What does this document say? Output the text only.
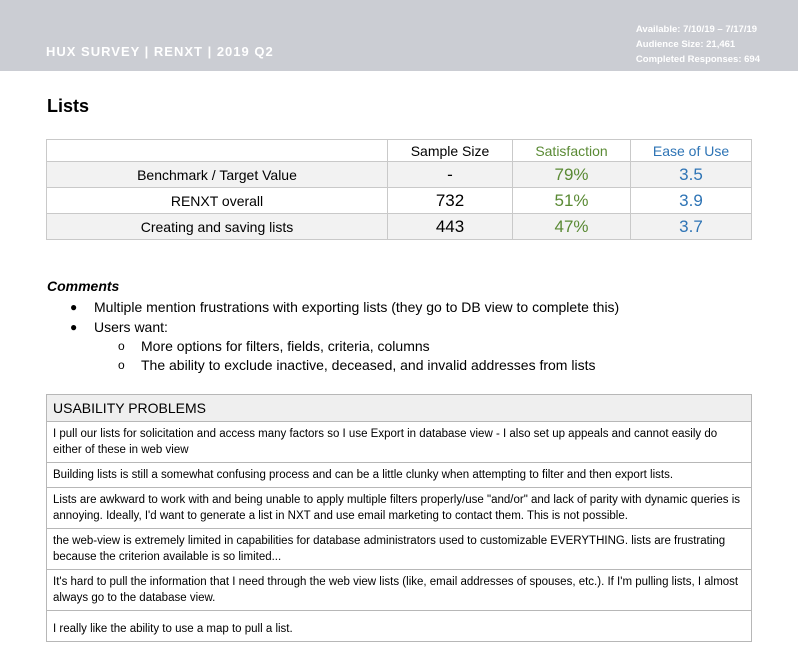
HUX SURVEY | RENXT | 2019 Q2
Available: 7/10/19 – 7/17/19
Audience Size: 21,461
Completed Responses: 694
Lists
	Sample Size	Satisfaction	Ease of Use
Benchmark / Target Value	-	79%	3.5
RENXT overall	732	51%	3.9
Creating and saving lists	443	47%	3.7
Comments
● Multiple mention frustrations with exporting lists (they go to DB view to complete this)
● Users want:
o More options for filters, fields, criteria, columns
o The ability to exclude inactive, deceased, and invalid addresses from lists
USABILITY PROBLEMS
I pull our lists for solicitation and access many factors so I use Export in database view - I also set up appeals and cannot easily do either of these in web view
Building lists is still a somewhat confusing process and can be a little clunky when attempting to filter and then export lists.
Lists are awkward to work with and being unable to apply multiple filters properly/use "and/or" and lack of parity with dynamic queries is annoying. Ideally, I'd want to generate a list in NXT and use email marketing to contact them. This is not possible.
the web-view is extremely limited in capabilities for database administrators used to customizable EVERYTHING. lists are frustrating because the criterion available is so limited...
It's hard to pull the information that I need through the web view lists (like, email addresses of spouses, etc.). If I'm pulling lists, I almost always go to the database view.
I really like the ability to use a map to pull a list.
